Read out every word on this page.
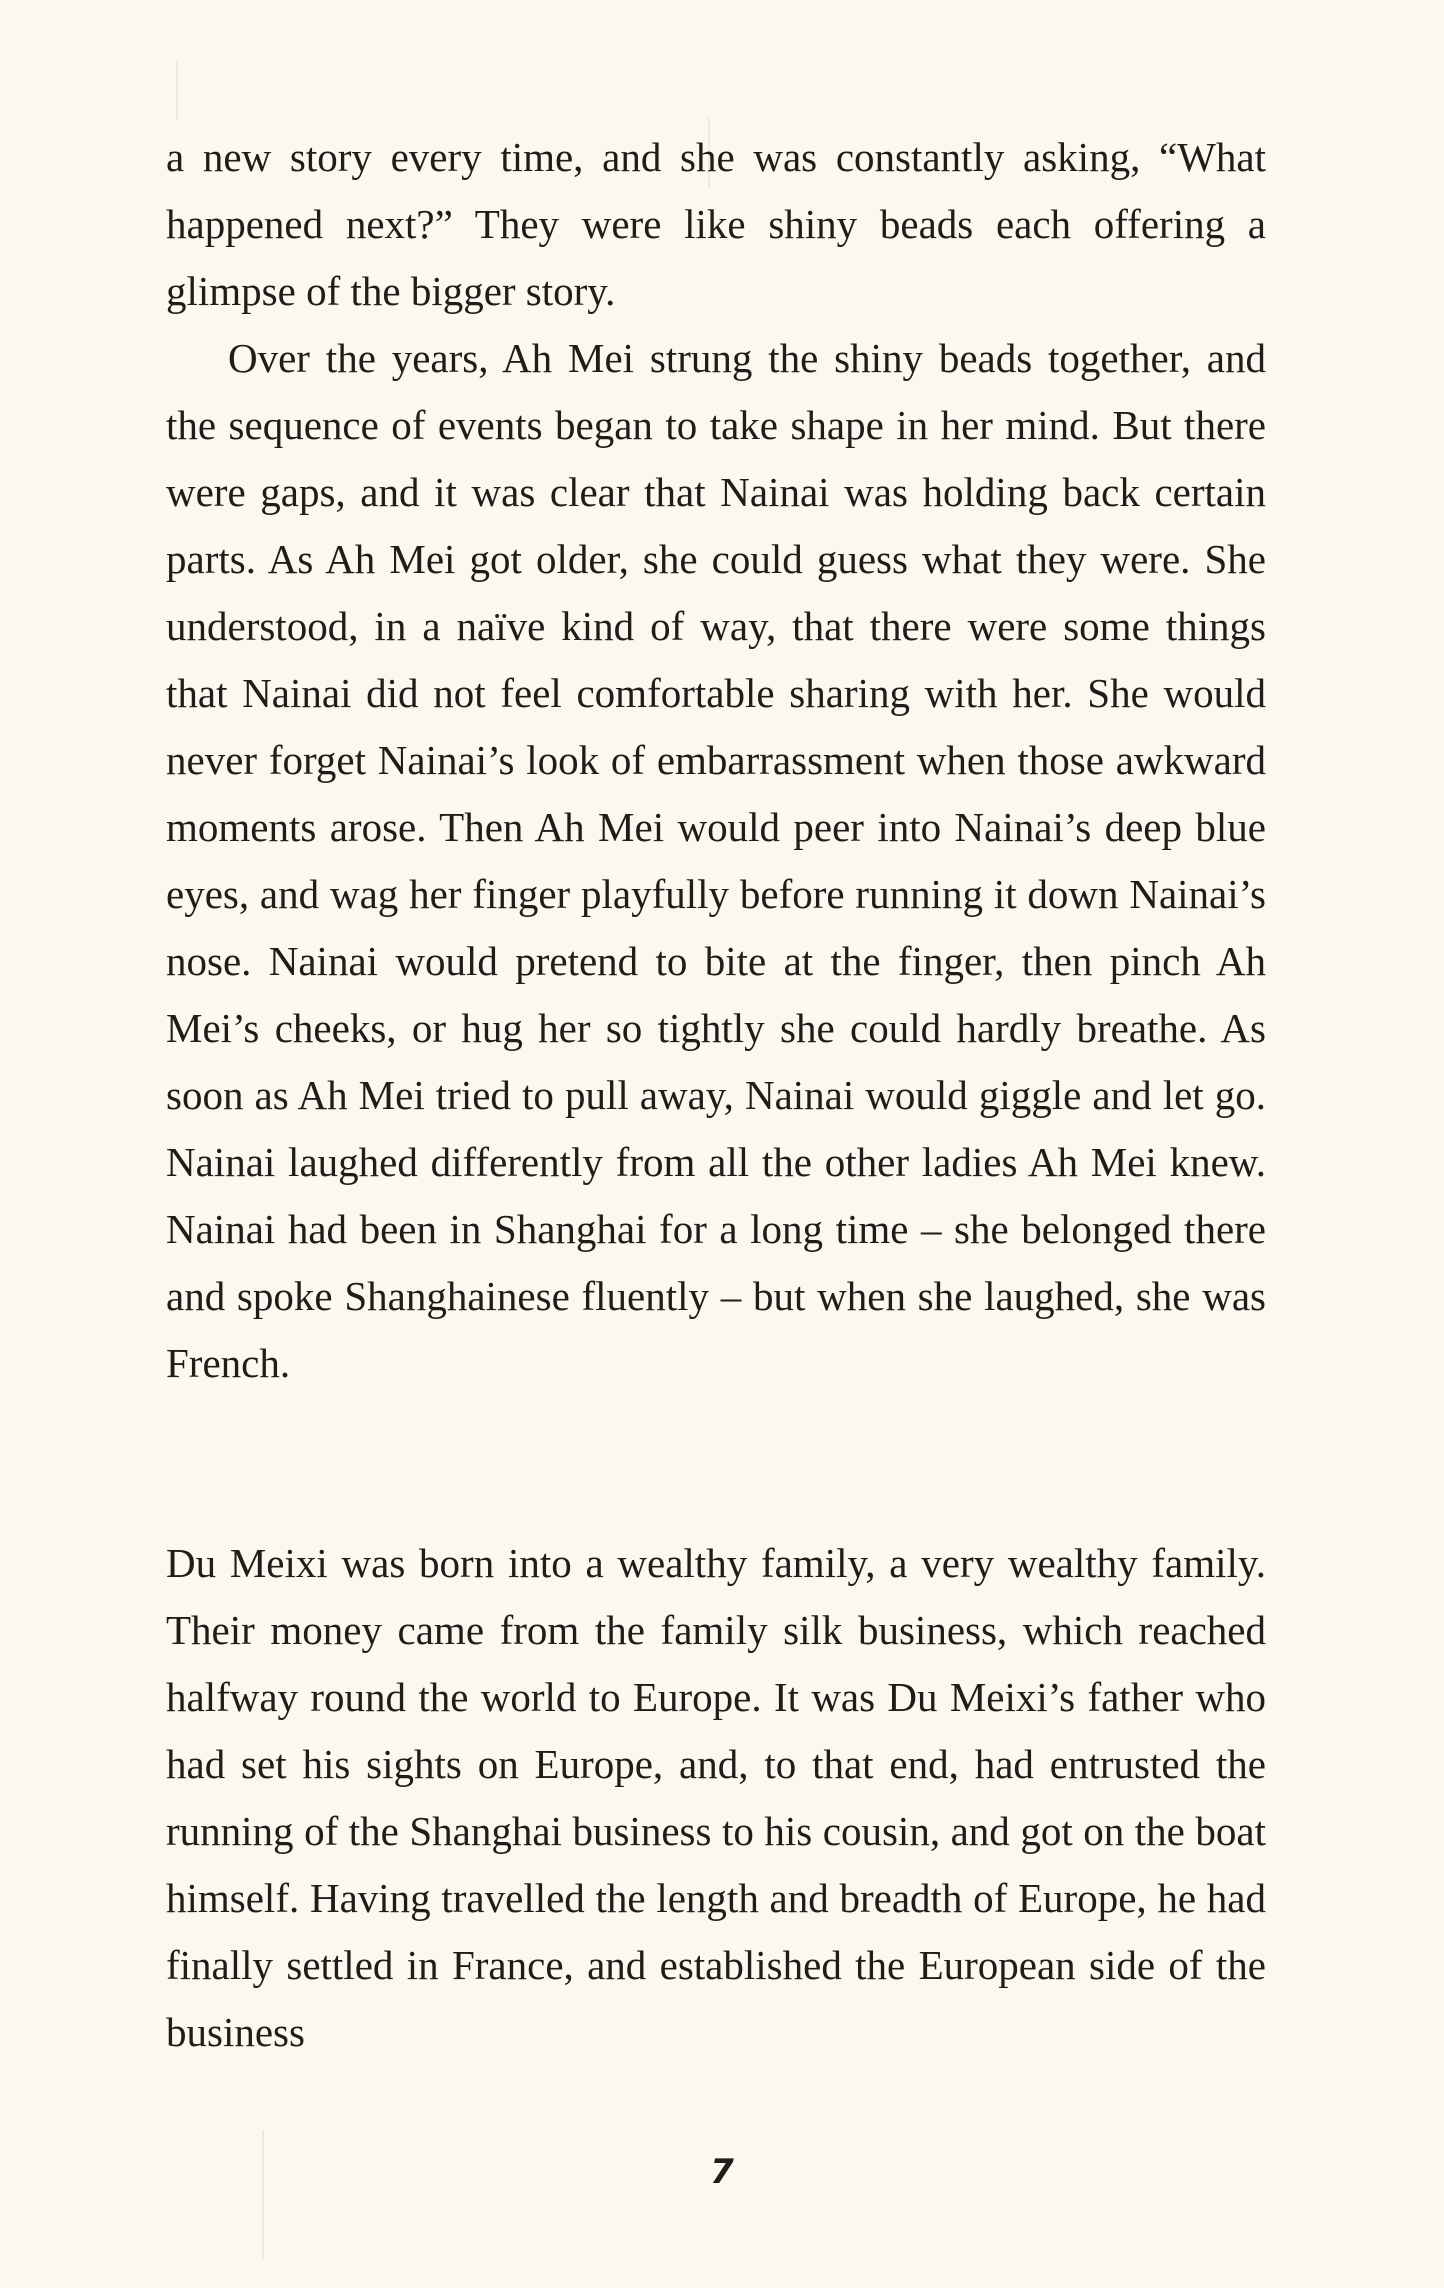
a new story every time, and she was constantly asking, “What happened next?” They were like shiny beads each offering a glimpse of the bigger story.

Over the years, Ah Mei strung the shiny beads together, and the sequence of events began to take shape in her mind. But there were gaps, and it was clear that Nainai was holding back certain parts. As Ah Mei got older, she could guess what they were. She understood, in a naïve kind of way, that there were some things that Nainai did not feel comfortable sharing with her. She would never forget Nainai’s look of embarrassment when those awkward moments arose. Then Ah Mei would peer into Nainai’s deep blue eyes, and wag her finger playfully before running it down Nainai’s nose. Nainai would pretend to bite at the finger, then pinch Ah Mei’s cheeks, or hug her so tightly she could hardly breathe. As soon as Ah Mei tried to pull away, Nainai would giggle and let go. Nainai laughed differently from all the other ladies Ah Mei knew. Nainai had been in Shanghai for a long time – she belonged there and spoke Shanghainese fluently – but when she laughed, she was French.

Du Meixi was born into a wealthy family, a very wealthy family. Their money came from the family silk business, which reached halfway round the world to Europe. It was Du Meixi’s father who had set his sights on Europe, and, to that end, had entrusted the running of the Shanghai business to his cousin, and got on the boat himself. Having travelled the length and breadth of Europe, he had finally settled in France, and established the European side of the business

7
